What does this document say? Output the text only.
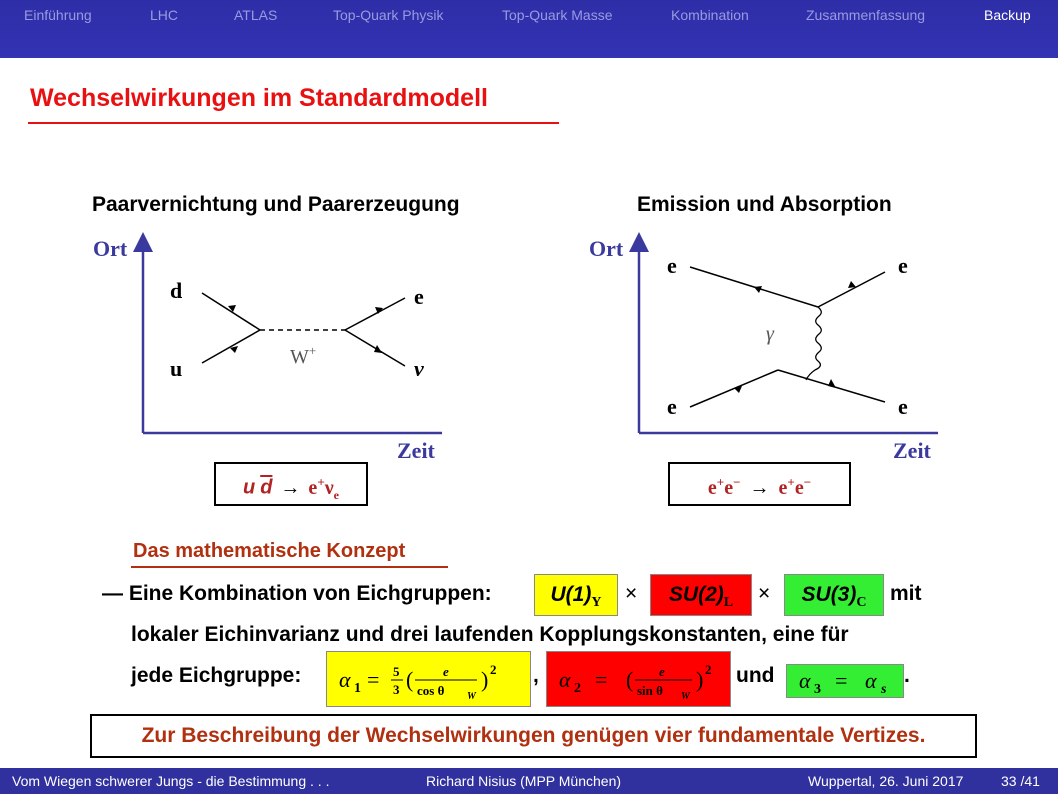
Einführung	LHC	ATLAS	Top-Quark Physik	Top-Quark Masse	Kombination	Zusammenfassung	Backup
Wechselwirkungen im Standardmodell
Paarvernichtung und Paarerzeugung	Emission und Absorption
Ort
Zeit
d
u
e
ν
W+
Ort
Zeit
γ
e	e
e	e
u $\overline{d} \to e^+\nu_e$	e+e− → e+e−
Das mathematische Konzept
— Eine Kombination von Eichgruppen:	$U(1)_Y$	×	$SU(2)_L$	×	$SU(3)_C$	mit
lokaler Eichinvarianz und drei laufenden Kopplungskonstanten, eine für
jede Eichgruppe: α 1 = 5
3 ( e
cos θ W
) 2 , α 2 = ( e
sin θ W
) 2 und α 3 = α s
.
Zur Beschreibung der Wechselwirkungen genügen vier fundamentale Vertizes.
Vom Wiegen schwerer Jungs - die Bestimmung . . .	Richard Nisius (MPP München)	Wuppertal, 26. Juni 2017	33 /41
